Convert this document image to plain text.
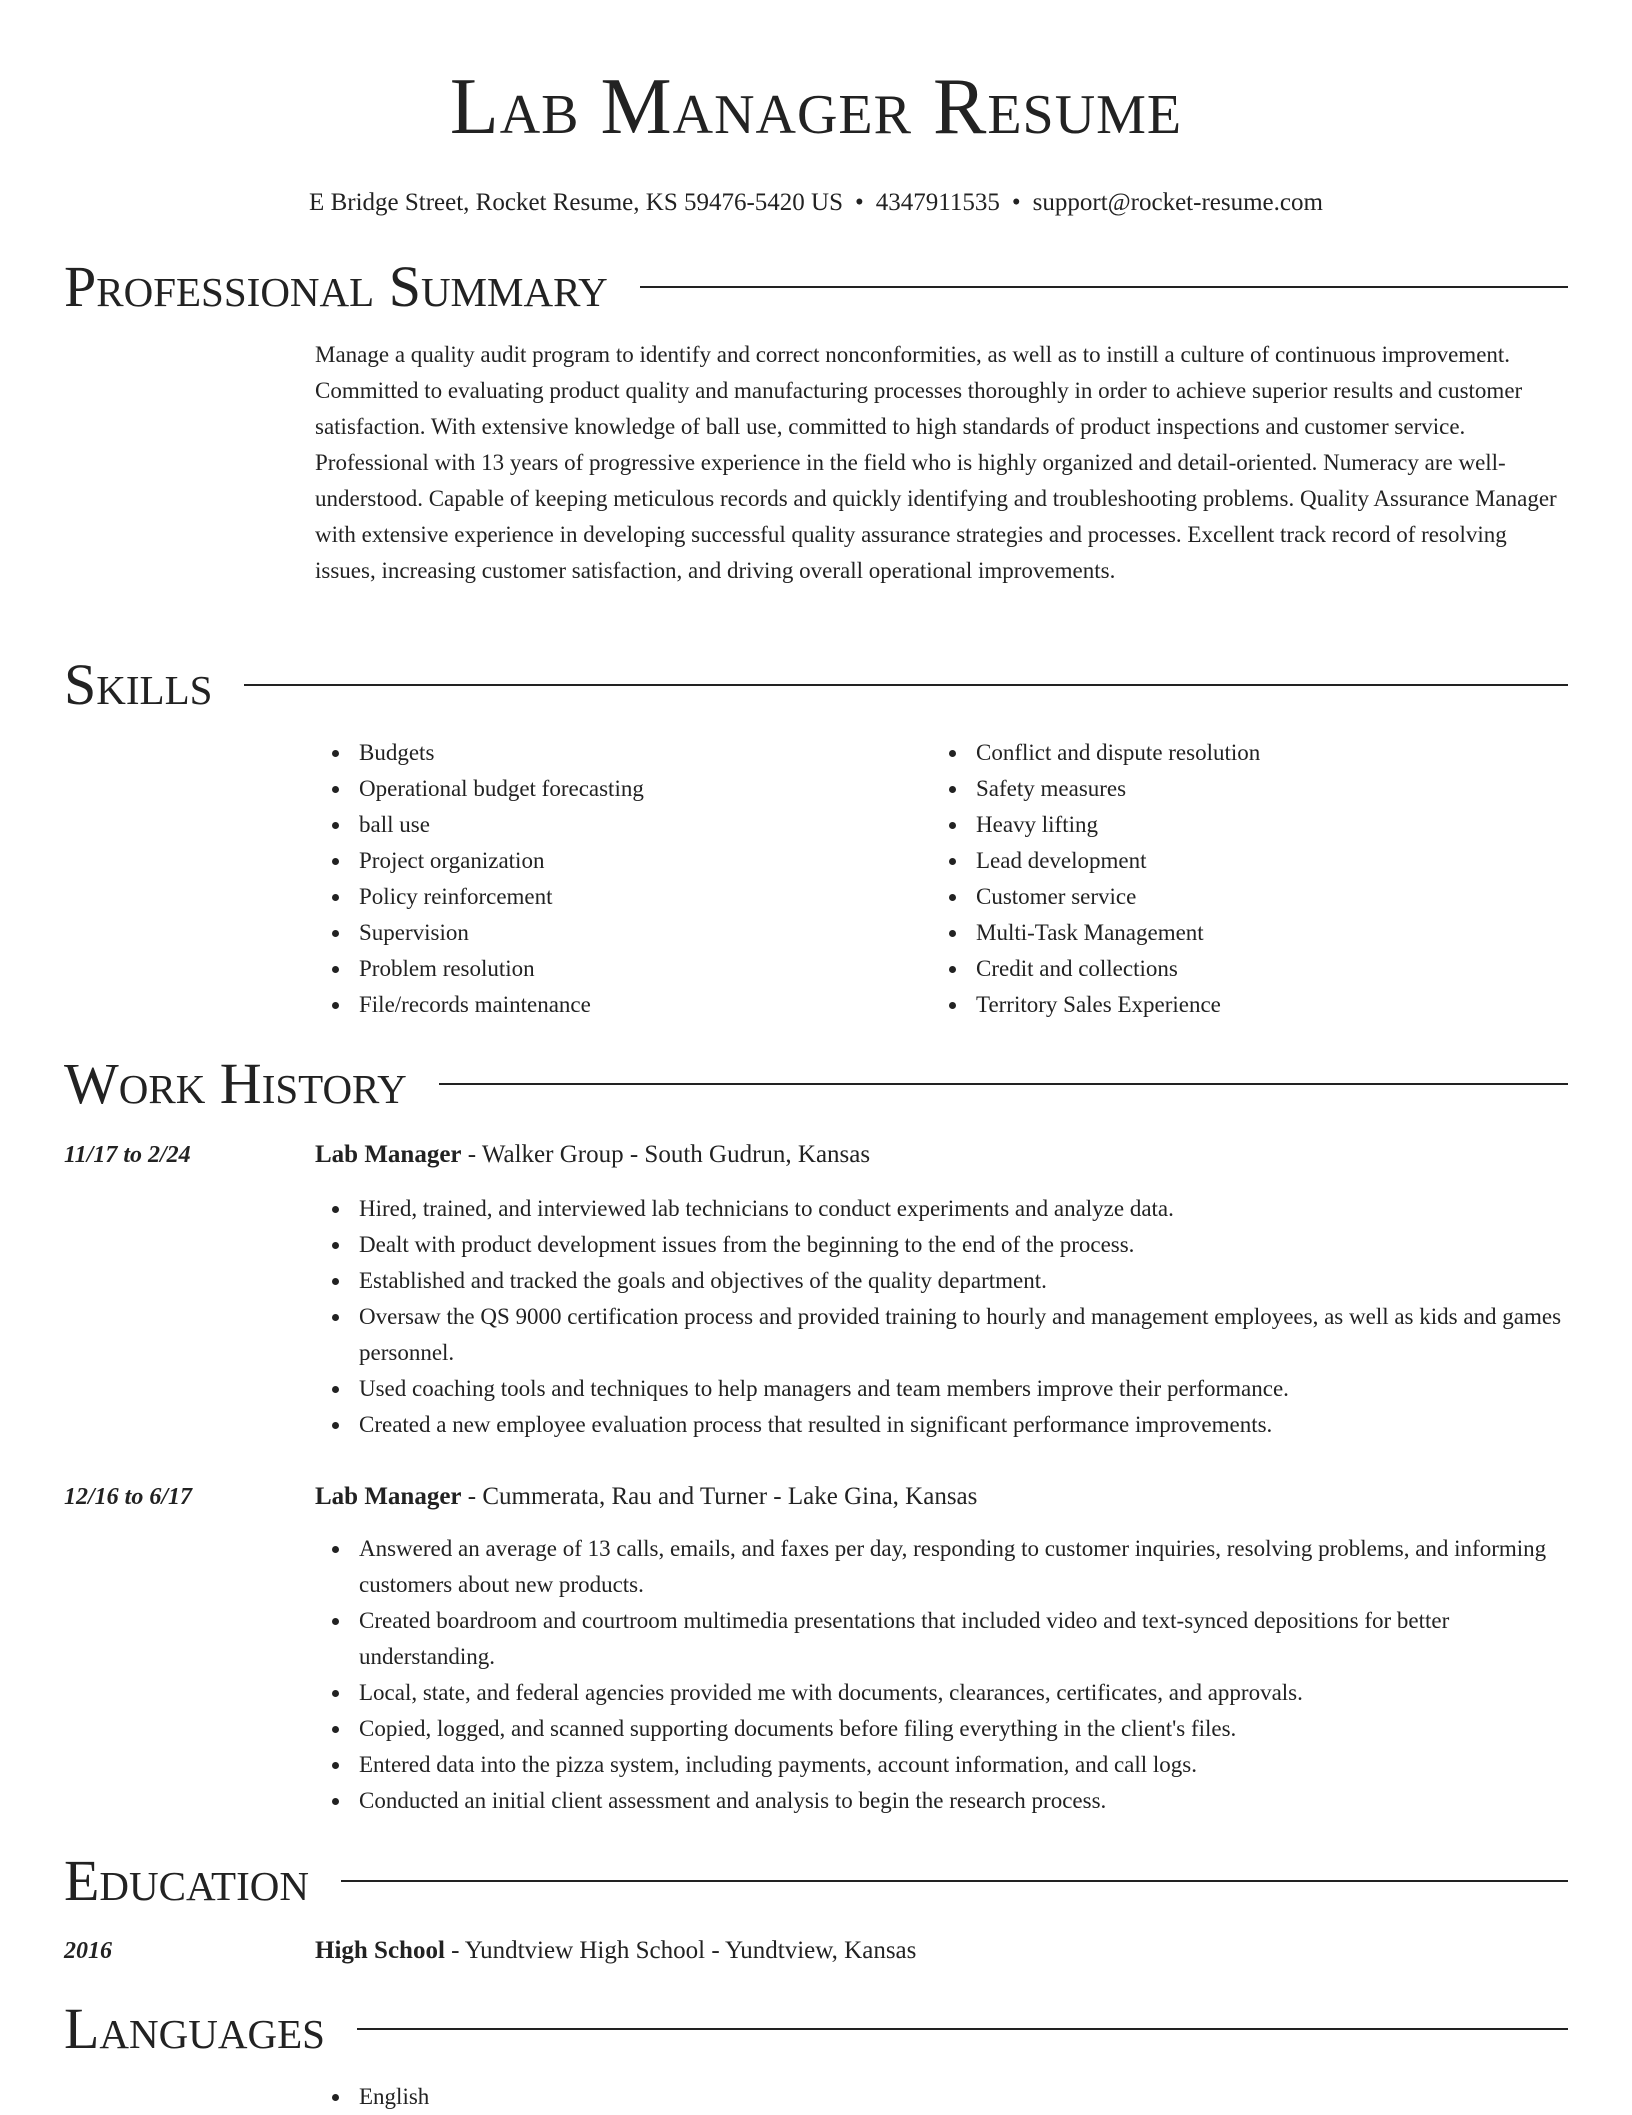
Lab Manager Resume
E Bridge Street, Rocket Resume, KS 59476-5420 US • 4347911535 • support@rocket-resume.com
Professional Summary
Manage a quality audit program to identify and correct nonconformities, as well as to instill a culture of continuous improvement. Committed to evaluating product quality and manufacturing processes thoroughly in order to achieve superior results and customer satisfaction. With extensive knowledge of ball use, committed to high standards of product inspections and customer service. Professional with 13 years of progressive experience in the field who is highly organized and detail-oriented. Numeracy are well-understood. Capable of keeping meticulous records and quickly identifying and troubleshooting problems. Quality Assurance Manager with extensive experience in developing successful quality assurance strategies and processes. Excellent track record of resolving issues, increasing customer satisfaction, and driving overall operational improvements.
Skills
Budgets
Operational budget forecasting
ball use
Project organization
Policy reinforcement
Supervision
Problem resolution
File/records maintenance
Conflict and dispute resolution
Safety measures
Heavy lifting
Lead development
Customer service
Multi-Task Management
Credit and collections
Territory Sales Experience
Work History
11/17 to 2/24	Lab Manager - Walker Group - South Gudrun, Kansas
Hired, trained, and interviewed lab technicians to conduct experiments and analyze data.
Dealt with product development issues from the beginning to the end of the process.
Established and tracked the goals and objectives of the quality department.
Oversaw the QS 9000 certification process and provided training to hourly and management employees, as well as kids and games personnel.
Used coaching tools and techniques to help managers and team members improve their performance.
Created a new employee evaluation process that resulted in significant performance improvements.
12/16 to 6/17	Lab Manager - Cummerata, Rau and Turner - Lake Gina, Kansas
Answered an average of 13 calls, emails, and faxes per day, responding to customer inquiries, resolving problems, and informing customers about new products.
Created boardroom and courtroom multimedia presentations that included video and text-synced depositions for better understanding.
Local, state, and federal agencies provided me with documents, clearances, certificates, and approvals.
Copied, logged, and scanned supporting documents before filing everything in the client's files.
Entered data into the pizza system, including payments, account information, and call logs.
Conducted an initial client assessment and analysis to begin the research process.
Education
2016	High School - Yundtview High School - Yundtview, Kansas
Languages
English
